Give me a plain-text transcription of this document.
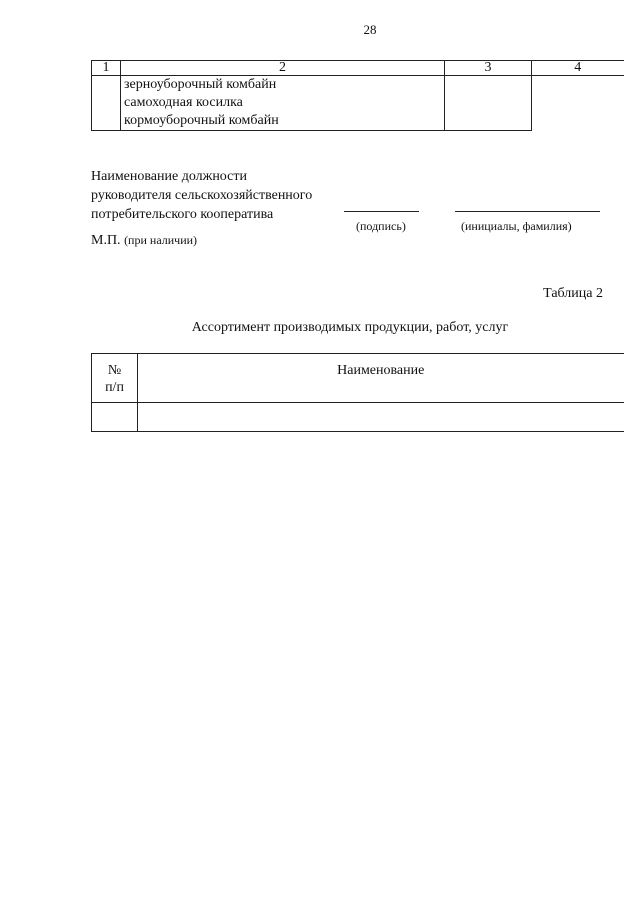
28
1	2	3	4

	зерноуборочный комбайн
самоходная косилка
кормоуборочный комбайн		

Наименование должности
руководителя сельскохозяйственного
потребительского кооператива
(подпись)	(инициалы, фамилия)
М.П. (при наличии)
Таблица 2
Ассортимент производимых продукции, работ, услуг
№
п/п	Наименование
